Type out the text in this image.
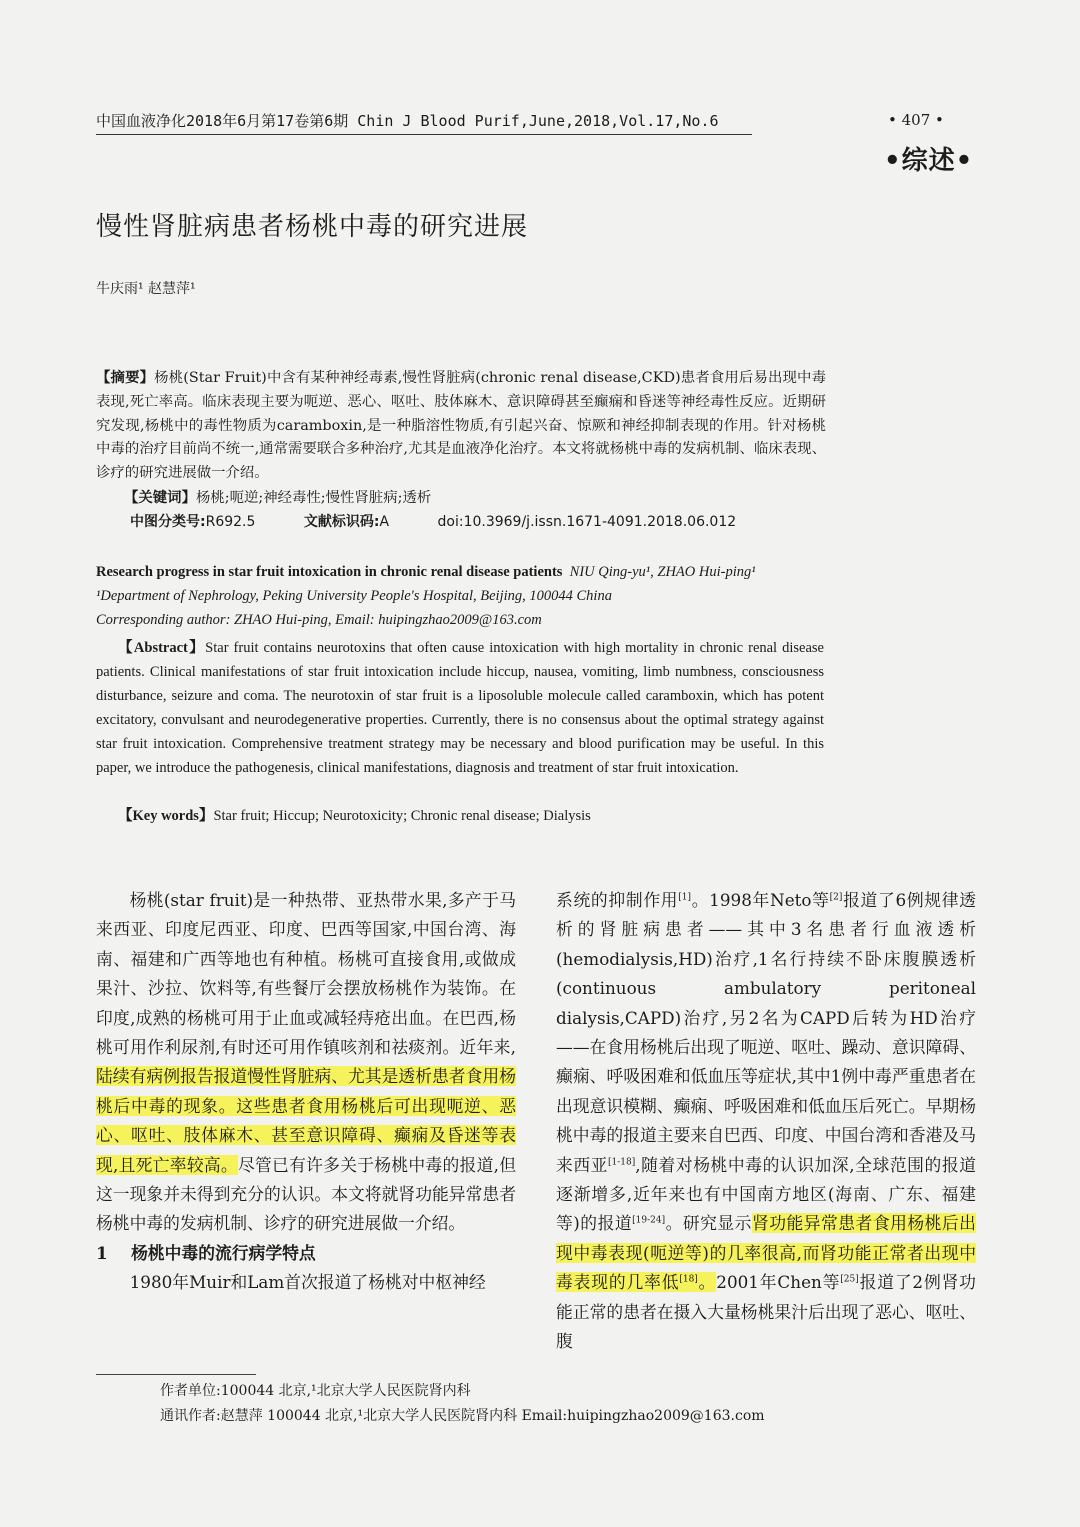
中国血液净化2018年6月第17卷第6期 Chin J Blood Purif,June,2018,Vol.17,No.6	• 407 •
•综述•
慢性肾脏病患者杨桃中毒的研究进展
牛庆雨¹ 赵慧萍¹
【摘要】杨桃(Star Fruit)中含有某种神经毒素,慢性肾脏病(chronic renal disease,CKD)患者食用后易出现中毒表现,死亡率高。临床表现主要为呃逆、恶心、呕吐、肢体麻木、意识障碍甚至癫痫和昏迷等神经毒性反应。近期研究发现,杨桃中的毒性物质为caramboxin,是一种脂溶性物质,有引起兴奋、惊厥和神经抑制表现的作用。针对杨桃中毒的治疗目前尚不统一,通常需要联合多种治疗,尤其是血液净化治疗。本文将就杨桃中毒的发病机制、临床表现、诊疗的研究进展做一介绍。
【关键词】杨桃;呃逆;神经毒性;慢性肾脏病;透析
中图分类号:R692.5	文献标识码:A	doi:10.3969/j.issn.1671-4091.2018.06.012
Research progress in star fruit intoxication in chronic renal disease patients NIU Qing-yu¹, ZHAO Hui-ping¹
¹Department of Nephrology, Peking University People's Hospital, Beijing, 100044 China
Corresponding author: ZHAO Hui-ping, Email: huipingzhao2009@163.com
【Abstract】Star fruit contains neurotoxins that often cause intoxication with high mortality in chronic renal disease patients. Clinical manifestations of star fruit intoxication include hiccup, nausea, vomiting, limb numbness, consciousness disturbance, seizure and coma. The neurotoxin of star fruit is a liposoluble molecule called caramboxin, which has potent excitatory, convulsant and neurodegenerative properties. Currently, there is no consensus about the optimal strategy against star fruit intoxication. Comprehensive treatment strategy may be necessary and blood purification may be useful. In this paper, we introduce the pathogenesis, clinical manifestations, diagnosis and treatment of star fruit intoxication.
【Key words】Star fruit; Hiccup; Neurotoxicity; Chronic renal disease; Dialysis

杨桃(star fruit)是一种热带、亚热带水果,多产于马来西亚、印度尼西亚、印度、巴西等国家,中国台湾、海南、福建和广西等地也有种植。杨桃可直接食用,或做成果汁、沙拉、饮料等,有些餐厅会摆放杨桃作为装饰。在印度,成熟的杨桃可用于止血或减轻痔疮出血。在巴西,杨桃可用作利尿剂,有时还可用作镇咳剂和祛痰剂。近年来,陆续有病例报告报道慢性肾脏病、尤其是透析患者食用杨桃后中毒的现象。这些患者食用杨桃后可出现呃逆、恶心、呕吐、肢体麻木、甚至意识障碍、癫痫及昏迷等表现,且死亡率较高。尽管已有许多关于杨桃中毒的报道,但这一现象并未得到充分的认识。本文将就肾功能异常患者杨桃中毒的发病机制、诊疗的研究进展做一介绍。

1 杨桃中毒的流行病学特点

1980年Muir和Lam首次报道了杨桃对中枢神经

系统的抑制作用[1]。1998年Neto等[2]报道了6例规律透析的肾脏病患者——其中3名患者行血液透析(hemodialysis,HD)治疗,1名行持续不卧床腹膜透析(continuous ambulatory peritoneal dialysis,CAPD)治疗,另2名为CAPD后转为HD治疗——在食用杨桃后出现了呃逆、呕吐、躁动、意识障碍、癫痫、呼吸困难和低血压等症状,其中1例中毒严重患者在出现意识模糊、癫痫、呼吸困难和低血压后死亡。早期杨桃中毒的报道主要来自巴西、印度、中国台湾和香港及马来西亚[1-18],随着对杨桃中毒的认识加深,全球范围的报道逐渐增多,近年来也有中国南方地区(海南、广东、福建等)的报道[19-24]。研究显示肾功能异常患者食用杨桃后出现中毒表现(呃逆等)的几率很高,而肾功能正常者出现中毒表现的几率低[18]。2001年Chen等[25]报道了2例肾功能正常的患者在摄入大量杨桃果汁后出现了恶心、呕吐、腹

作者单位:100044 北京,¹北京大学人民医院肾内科
通讯作者:赵慧萍 100044 北京,¹北京大学人民医院肾内科 Email:huipingzhao2009@163.com
